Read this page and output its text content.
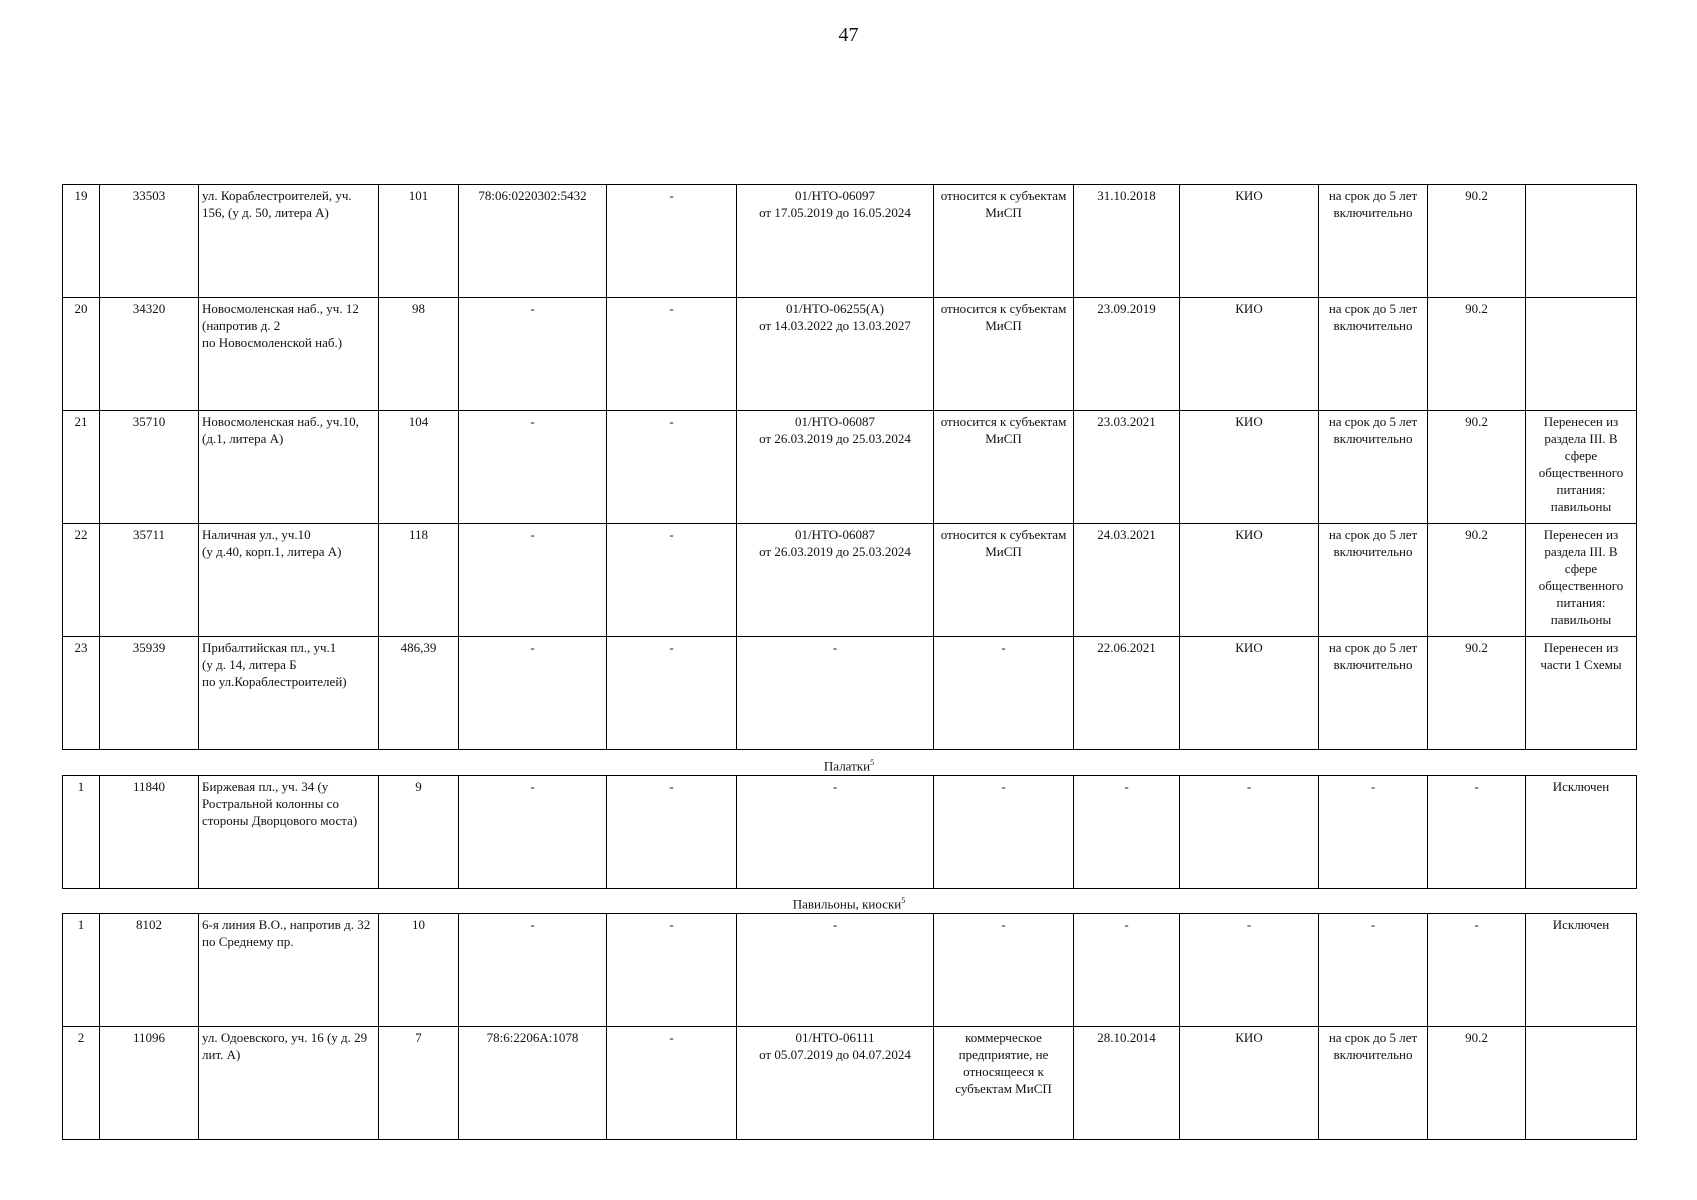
47
19	33503	ул. Кораблестроителей, уч. 156, (у д. 50, литера А)	101	78:06:0220302:5432	-	01/НТО-06097
от 17.05.2019 до 16.05.2024	относится к субъектам МиСП	31.10.2018	КИО	на срок до 5 лет включительно	90.2	
20	34320	Новосмоленская наб., уч. 12
(напротив д. 2
по Новосмоленской наб.)	98	-	-	01/НТО-06255(А)
от 14.03.2022 до 13.03.2027	относится к субъектам МиСП	23.09.2019	КИО	на срок до 5 лет включительно	90.2	
21	35710	Новосмоленская наб., уч.10,
(д.1, литера А)	104	-	-	01/НТО-06087
от 26.03.2019 до 25.03.2024	относится к субъектам МиСП	23.03.2021	КИО	на срок до 5 лет включительно	90.2	Перенесен из раздела III. В сфере общественного питания: павильоны
22	35711	Наличная ул., уч.10
(у д.40, корп.1, литера А)	118	-	-	01/НТО-06087
от 26.03.2019 до 25.03.2024	относится к субъектам МиСП	24.03.2021	КИО	на срок до 5 лет включительно	90.2	Перенесен из раздела III. В сфере общественного питания: павильоны
23	35939	Прибалтийская пл., уч.1
(у д. 14, литера Б
по ул.Кораблестроителей)	486,39	-	-	-	-	22.06.2021	КИО	на срок до 5 лет включительно	90.2	Перенесен из части 1 Схемы
Палатки$^5$
1	11840	Биржевая пл., уч. 34 (у Ростральной колонны со стороны Дворцового моста)	9	-	-	-	-	-	-	-	-	Исключен
Павильоны, киоски$^5$
1	8102	6-я линия В.О., напротив д. 32 по Среднему пр.	10	-	-	-	-	-	-	-	-	Исключен
2	11096	ул. Одоевского, уч. 16 (у д. 29 лит. А)	7	78:6:2206А:1078	-	01/НТО-06111
от 05.07.2019 до 04.07.2024	коммерческое предприятие, не относящееся к субъектам МиСП	28.10.2014	КИО	на срок до 5 лет включительно	90.2	
